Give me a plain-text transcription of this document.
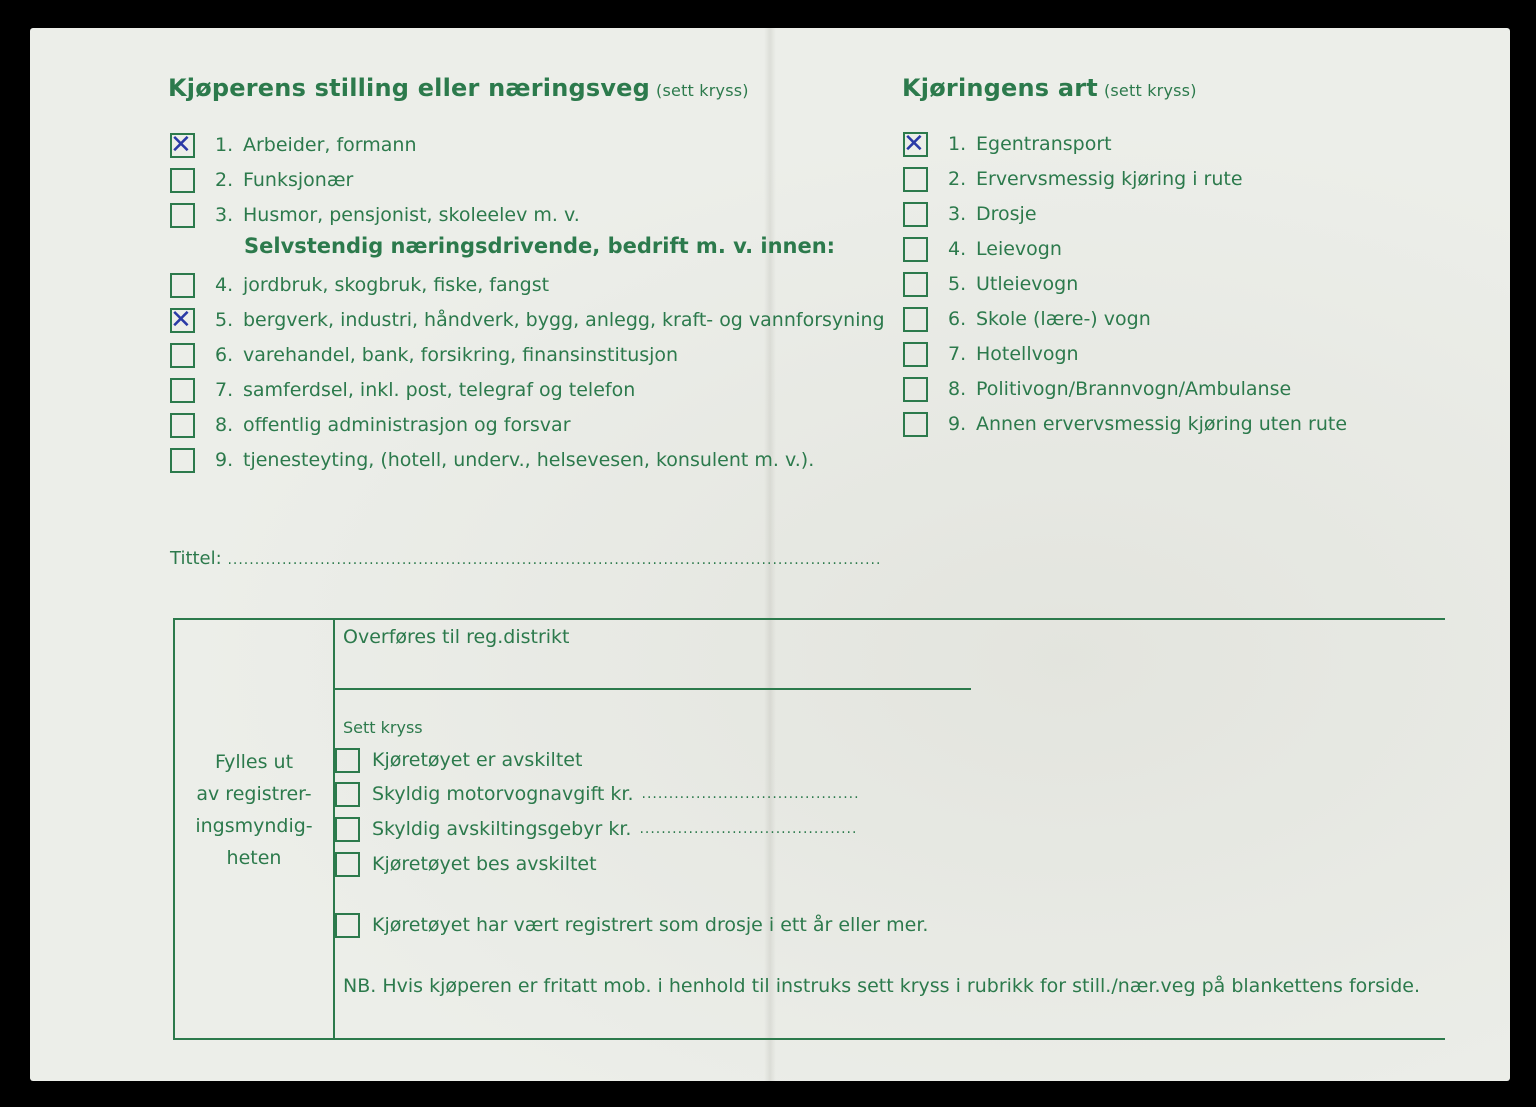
Kjøperens stilling eller næringsveg (sett kryss)	Kjøringens art (sett kryss)
✕ 1. Arbeider, formann
2. Funksjonær
3. Husmor, pensjonist, skoleelev m. v.
Selvstendig næringsdrivende, bedrift m. v. innen:
4. jordbruk, skogbruk, fiske, fangst
✕ 5. bergverk, industri, håndverk, bygg, anlegg, kraft- og vannforsyning
6. varehandel, bank, forsikring, finansinstitusjon
7. samferdsel, inkl. post, telegraf og telefon
8. offentlig administrasjon og forsvar
9. tjenesteyting, (hotell, underv., helsevesen, konsulent m. v.).
✕ 1. Egentransport
2. Ervervsmessig kjøring i rute
3. Drosje
4. Leievogn
5. Utleievogn
6. Skole (lære-) vogn
7. Hotellvogn
8. Politivogn/Brannvogn/Ambulanse
9. Annen ervervsmessig kjøring uten rute
Tittel: ........................................................................................................................
Fylles ut
av registrer-
ingsmyndig-
heten
Overføres til reg.distrikt
Sett kryss
Kjøretøyet er avskiltet
Skyldig motorvognavgift kr. ........................................
Skyldig avskiltingsgebyr kr. ........................................
Kjøretøyet bes avskiltet
Kjøretøyet har vært registrert som drosje i ett år eller mer.
NB. Hvis kjøperen er fritatt mob. i henhold til instruks sett kryss i rubrikk for still./nær.veg på blankettens forside.
